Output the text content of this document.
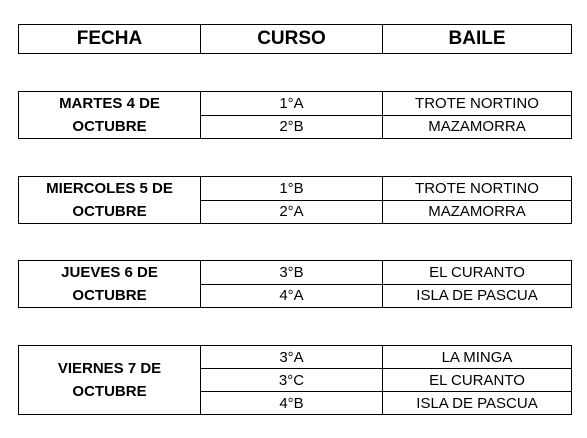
FECHA	CURSO	BAILE
MARTES 4 DE
OCTUBRE	1°A	TROTE NORTINO
	2°B	MAZAMORRA
MIERCOLES 5 DE
OCTUBRE	1°B	TROTE NORTINO
	2°A	MAZAMORRA
JUEVES 6 DE
OCTUBRE	3°B	EL CURANTO
	4°A	ISLA DE PASCUA
VIERNES 7 DE
OCTUBRE	3°A	LA MINGA
	3°C	EL CURANTO
	4°B	ISLA DE PASCUA
